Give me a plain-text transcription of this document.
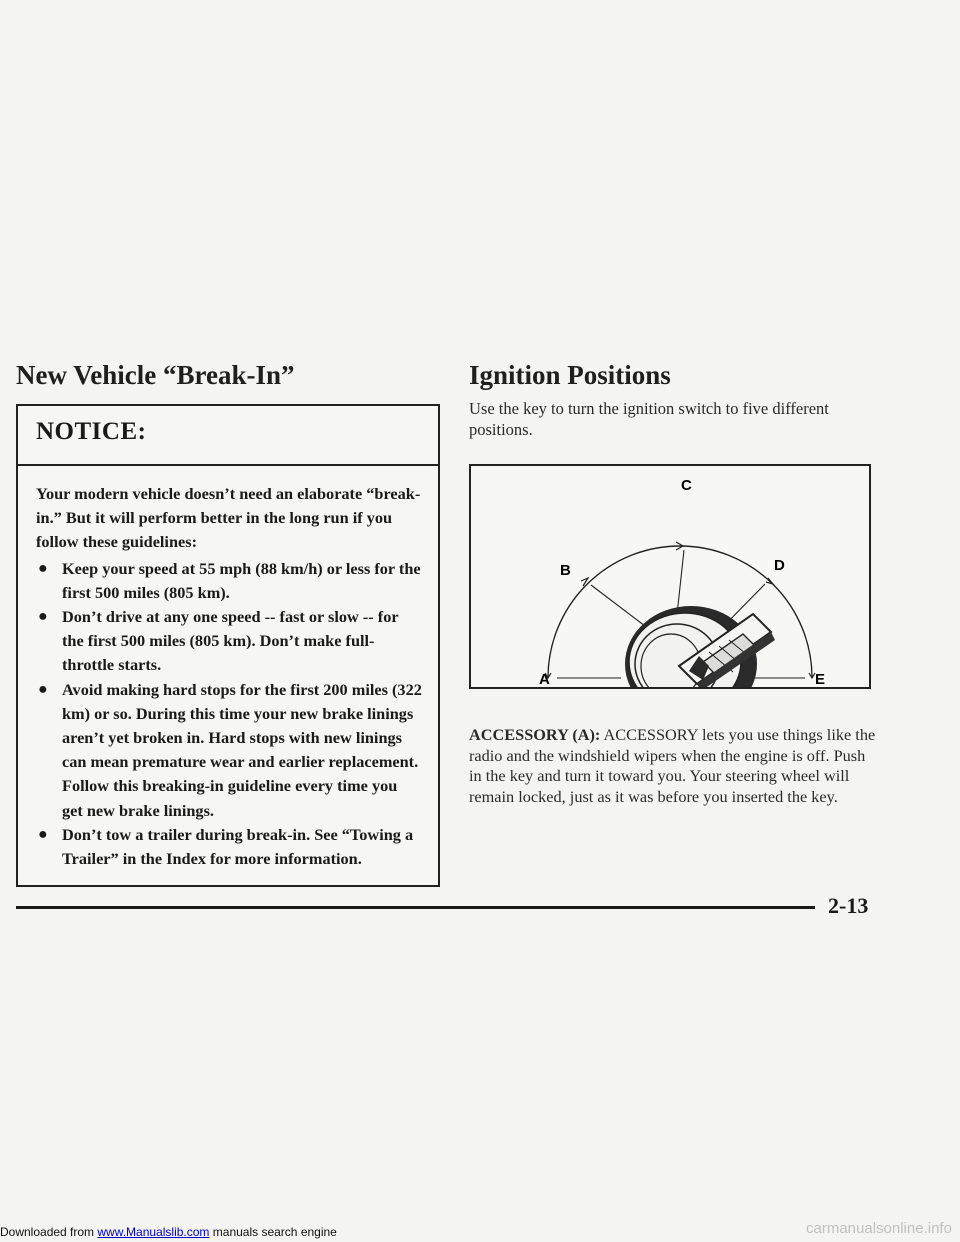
New Vehicle “Break-In”
NOTICE:

Your modern vehicle doesn’t need an elaborate “break-in.” But it will perform better in the long run if you follow these guidelines:

● Keep your speed at 55 mph (88 km/h) or less for the first 500 miles (805 km).
● Don’t drive at any one speed -- fast or slow -- for the first 500 miles (805 km). Don’t make full-throttle starts.
● Avoid making hard stops for the first 200 miles (322 km) or so. During this time your new brake linings aren’t yet broken in. Hard stops with new linings can mean premature wear and earlier replacement. Follow this breaking-in guideline every time you get new brake linings.
● Don’t tow a trailer during break-in. See “Towing a Trailer” in the Index for more information.
Ignition Positions

Use the key to turn the ignition switch to five different positions.

C
B	D
A	E

ACCESSORY (A): ACCESSORY lets you use things like the radio and the windshield wipers when the engine is off. Push in the key and turn it toward you. Your steering wheel will remain locked, just as it was before you inserted the key.

2-13
Downloaded from www.Manualslib.com manuals search engine	carmanualsonline.info
